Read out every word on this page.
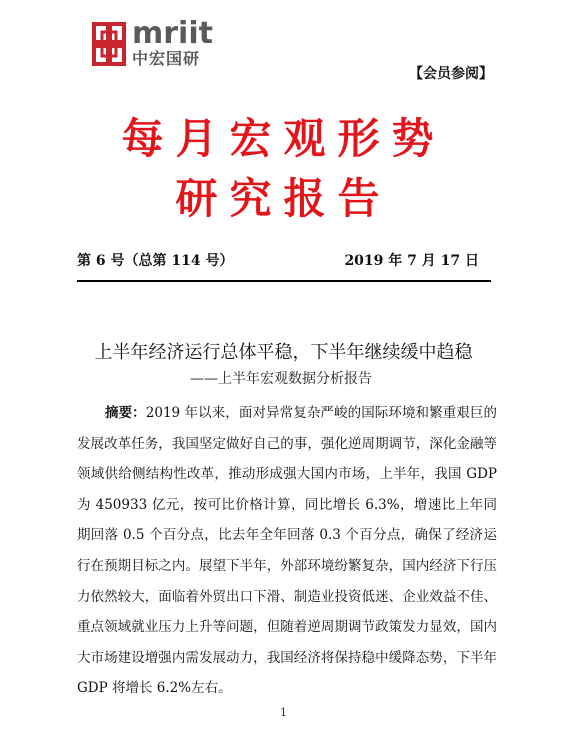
mriit
中宏国研
【会员参阅】
每月宏观形势
研究报告
第 6 号（总第 114 号）	2019 年 7 月 17 日
上半年经济运行总体平稳，下半年继续缓中趋稳
——上半年宏观数据分析报告

摘要：2019 年以来，面对异常复杂严峻的国际环境和繁重艰巨的发展改革任务，我国坚定做好自己的事，强化逆周期调节，深化金融等领域供给侧结构性改革，推动形成强大国内市场，上半年，我国 GDP 为 450933 亿元，按可比价格计算，同比增长 6.3%，增速比上年同期回落 0.5 个百分点，比去年全年回落 0.3 个百分点，确保了经济运行在预期目标之内。展望下半年，外部环境纷繁复杂，国内经济下行压力依然较大，面临着外贸出口下滑、制造业投资低迷、企业效益不佳、重点领域就业压力上升等问题，但随着逆周期调节政策发力显效，国内大市场建设增强内需发展动力，我国经济将保持稳中缓降态势，下半年 GDP 将增长 6.2%左右。

1
